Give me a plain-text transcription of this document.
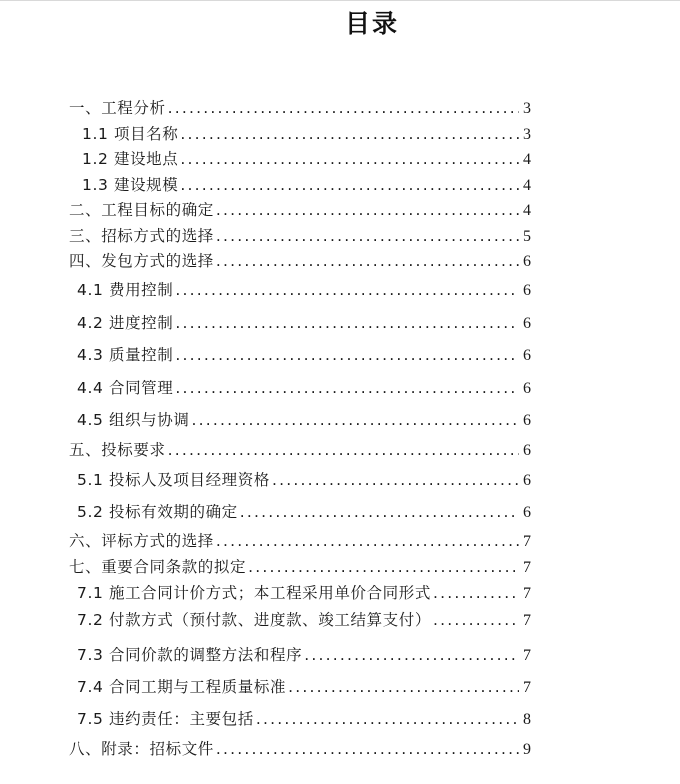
目录
一、工程分析 .....	3
1.1 项目名称 .....	3
1.2 建设地点 .....	4
1.3 建设规模 .....	4
二、工程目标的确定 .....	4
三、招标方式的选择 .....	5
四、发包方式的选择 .....	6
4.1 费用控制 .....	6
4.2 进度控制 .....	6
4.3 质量控制 .....	6
4.4 合同管理 .....	6
4.5 组织与协调 .....	6
五、投标要求 .....	6
5.1 投标人及项目经理资格 .....	6
5.2 投标有效期的确定 .....	6
六、评标方式的选择 .....	7
七、重要合同条款的拟定 .....	7
7.1 施工合同计价方式；本工程采用单价合同形式 .....	7
7.2 付款方式（预付款、进度款、竣工结算支付） .....	7
7.3 合同价款的调整方法和程序 .....	7
7.4 合同工期与工程质量标准 .....	7
7.5 违约责任：主要包括 .....	8
八、附录：招标文件 .....	9
